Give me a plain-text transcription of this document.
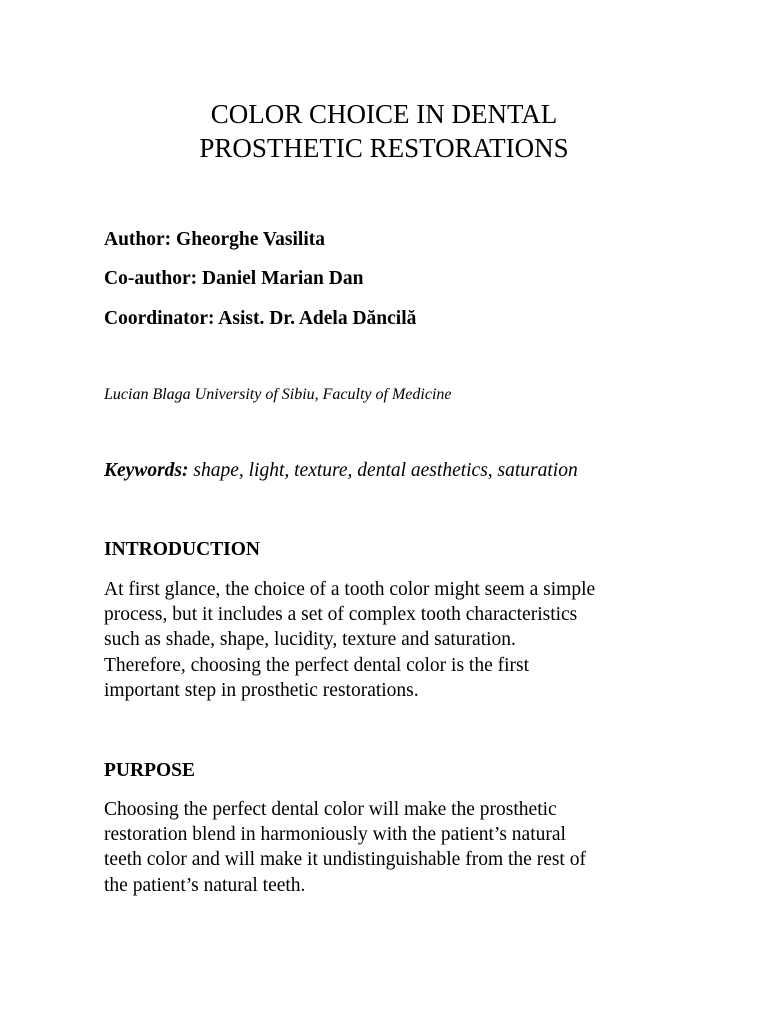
COLOR CHOICE IN DENTAL
PROSTHETIC RESTORATIONS

Author: Gheorghe Vasilita

Co-author: Daniel Marian Dan

Coordinator: Asist. Dr. Adela Dăncilă

Lucian Blaga University of Sibiu, Faculty of Medicine

Keywords: shape, light, texture, dental aesthetics, saturation

INTRODUCTION

At first glance, the choice of a tooth color might seem a simple
process, but it includes a set of complex tooth characteristics
such as shade, shape, lucidity, texture and saturation.
Therefore, choosing the perfect dental color is the first
important step in prosthetic restorations.

PURPOSE

Choosing the perfect dental color will make the prosthetic
restoration blend in harmoniously with the patient’s natural
teeth color and will make it undistinguishable from the rest of
the patient’s natural teeth.
